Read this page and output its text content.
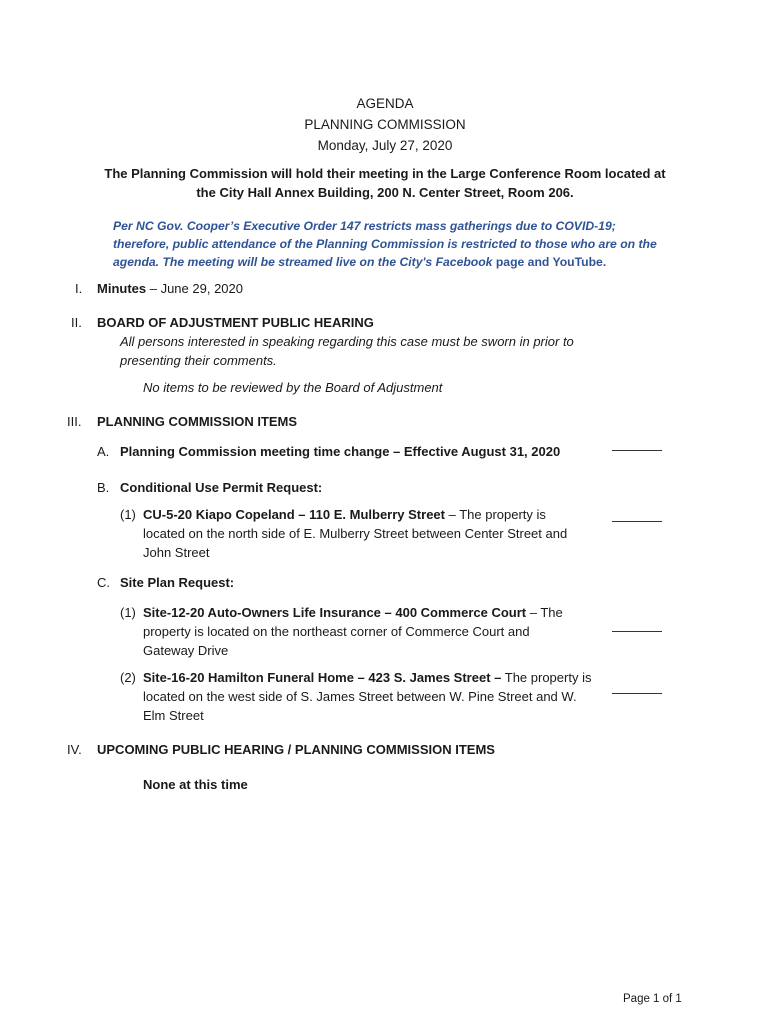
AGENDA
PLANNING COMMISSION
Monday, July 27, 2020
The Planning Commission will hold their meeting in the Large Conference Room located at
the City Hall Annex Building, 200 N. Center Street, Room 206.
Per NC Gov. Cooper’s Executive Order 147 restricts mass gatherings due to COVID-19;
therefore, public attendance of the Planning Commission is restricted to those who are on the
agenda. The meeting will be streamed live on the City's Facebook page and YouTube.
I. Minutes – June 29, 2020
II. BOARD OF ADJUSTMENT PUBLIC HEARING
All persons interested in speaking regarding this case must be sworn in prior to
presenting their comments.
No items to be reviewed by the Board of Adjustment
III. PLANNING COMMISSION ITEMS
A. Planning Commission meeting time change – Effective August 31, 2020
B. Conditional Use Permit Request:
(1) CU-5-20 Kiapo Copeland – 110 E. Mulberry Street – The property is
located on the north side of E. Mulberry Street between Center Street and
John Street
C. Site Plan Request:
(1) Site-12-20 Auto-Owners Life Insurance – 400 Commerce Court – The
property is located on the northeast corner of Commerce Court and
Gateway Drive
(2) Site-16-20 Hamilton Funeral Home – 423 S. James Street – The property is
located on the west side of S. James Street between W. Pine Street and W.
Elm Street
IV. UPCOMING PUBLIC HEARING / PLANNING COMMISSION ITEMS
None at this time
Page 1 of 1
